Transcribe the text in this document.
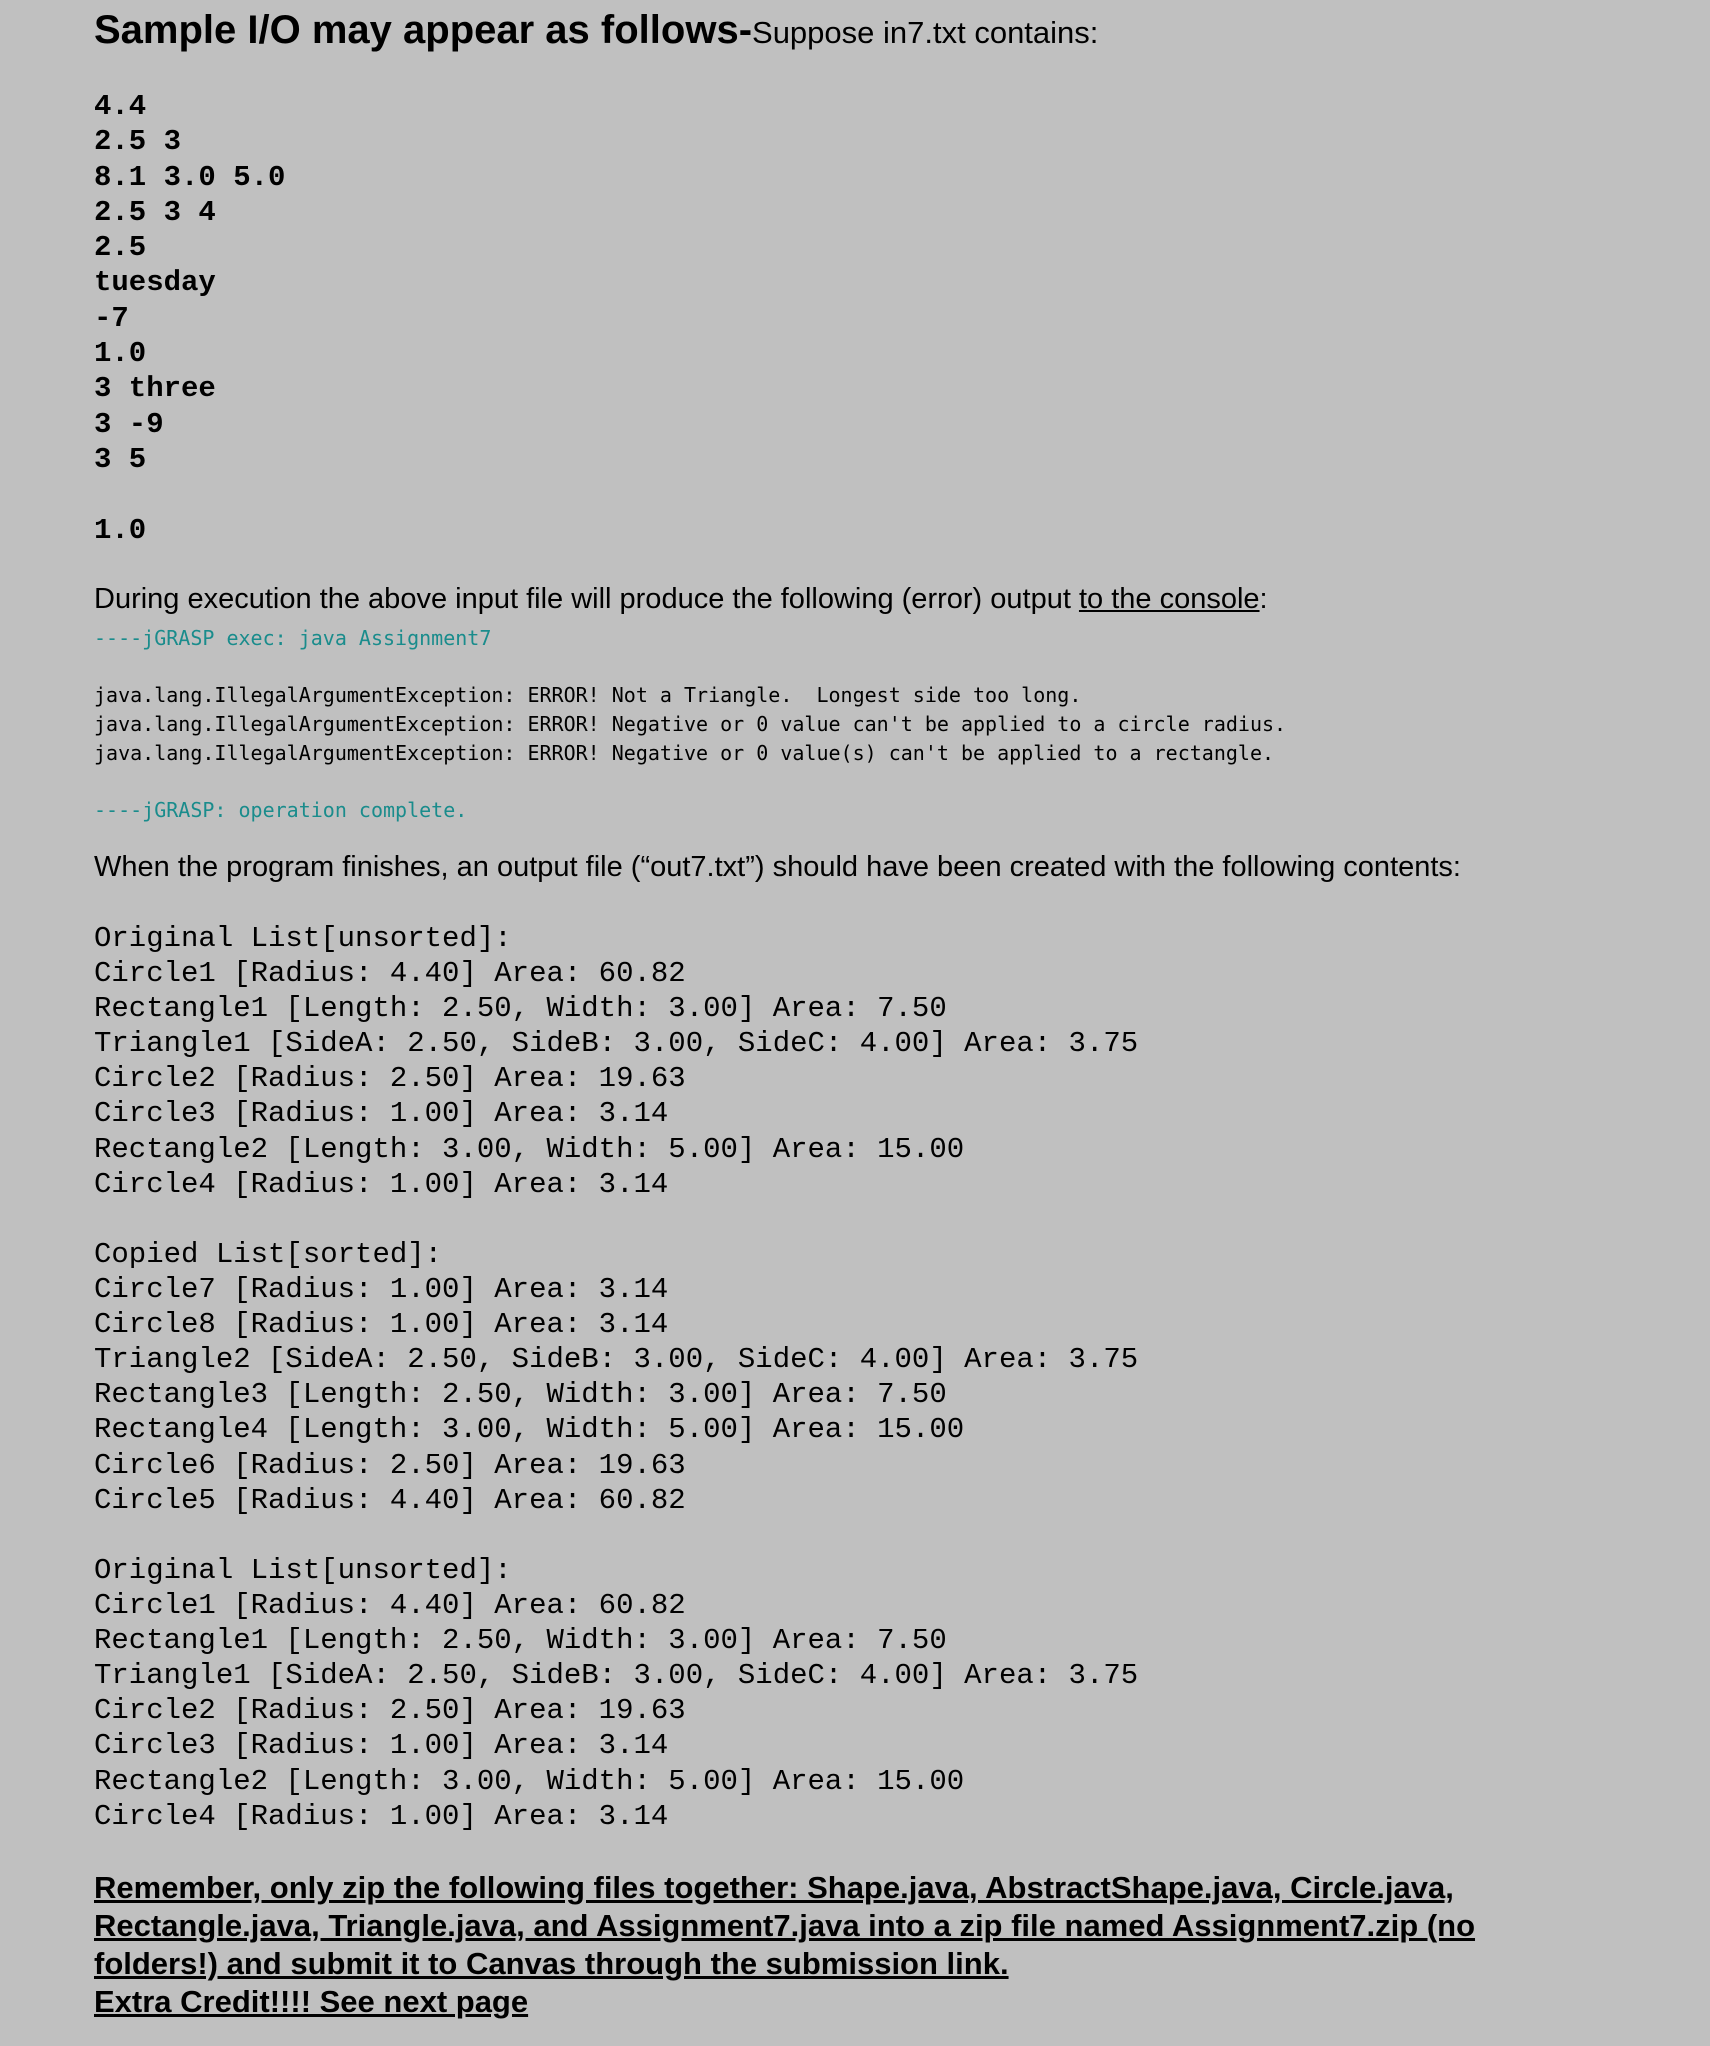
Sample I/O may appear as follows-Suppose in7.txt contains:
4.4
2.5 3
8.1 3.0 5.0
2.5 3 4
2.5
tuesday
-7
1.0
3 three
3 -9
3 5
1.0
During execution the above input file will produce the following (error) output to the console:
----jGRASP exec: java Assignment7
java.lang.IllegalArgumentException: ERROR! Not a Triangle.  Longest side too long.
java.lang.IllegalArgumentException: ERROR! Negative or 0 value can't be applied to a circle radius.
java.lang.IllegalArgumentException: ERROR! Negative or 0 value(s) can't be applied to a rectangle.
----jGRASP: operation complete.
When the program finishes, an output file (“out7.txt”) should have been created with the following contents:
Original List[unsorted]:
Circle1 [Radius: 4.40] Area: 60.82
Rectangle1 [Length: 2.50, Width: 3.00] Area: 7.50
Triangle1 [SideA: 2.50, SideB: 3.00, SideC: 4.00] Area: 3.75
Circle2 [Radius: 2.50] Area: 19.63
Circle3 [Radius: 1.00] Area: 3.14
Rectangle2 [Length: 3.00, Width: 5.00] Area: 15.00
Circle4 [Radius: 1.00] Area: 3.14
Copied List[sorted]:
Circle7 [Radius: 1.00] Area: 3.14
Circle8 [Radius: 1.00] Area: 3.14
Triangle2 [SideA: 2.50, SideB: 3.00, SideC: 4.00] Area: 3.75
Rectangle3 [Length: 2.50, Width: 3.00] Area: 7.50
Rectangle4 [Length: 3.00, Width: 5.00] Area: 15.00
Circle6 [Radius: 2.50] Area: 19.63
Circle5 [Radius: 4.40] Area: 60.82
Original List[unsorted]:
Circle1 [Radius: 4.40] Area: 60.82
Rectangle1 [Length: 2.50, Width: 3.00] Area: 7.50
Triangle1 [SideA: 2.50, SideB: 3.00, SideC: 4.00] Area: 3.75
Circle2 [Radius: 2.50] Area: 19.63
Circle3 [Radius: 1.00] Area: 3.14
Rectangle2 [Length: 3.00, Width: 5.00] Area: 15.00
Circle4 [Radius: 1.00] Area: 3.14
Remember, only zip the following files together: Shape.java, AbstractShape.java, Circle.java,
Rectangle.java, Triangle.java, and Assignment7.java into a zip file named Assignment7.zip (no
folders!) and submit it to Canvas through the submission link.
Extra Credit!!!! See next page
